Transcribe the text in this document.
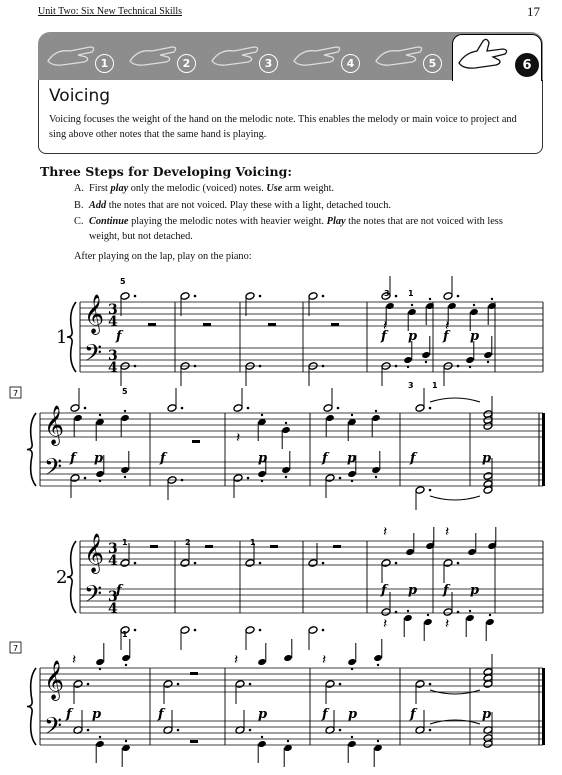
Unit Two: Six New Technical Skills	17
1	2	3	4	5	6
Voicing
Voicing focuses the weight of the hand on the melodic note. This enables the melody or main voice to project and sing above other notes that the same hand is playing.
Three Steps for Developing Voicing:
A. First play only the melodic (voiced) notes. Use arm weight.
B. Add the notes that are not voiced. Play these with a light, detached touch.
C. Continue playing the melodic notes with heavier weight. Play the notes that are not voiced with less weight, but not detached.
After playing on the lap, play on the piano:
𝄞
𝄢
3
4
3
4
1
5
5
f
𝄽
f p
𝄽
f p
3 1
3 1
𝄞
𝄢
7
f p	f
𝄽
p	f p	f	p
𝄞
𝄢
3
4
3
4
2
1	2	1
1
f
𝄽
f p
𝄽
𝄽
f p
𝄽
𝄞
𝄢
7
𝄽
f p	f
𝄽
p
𝄽
f p	f	p
